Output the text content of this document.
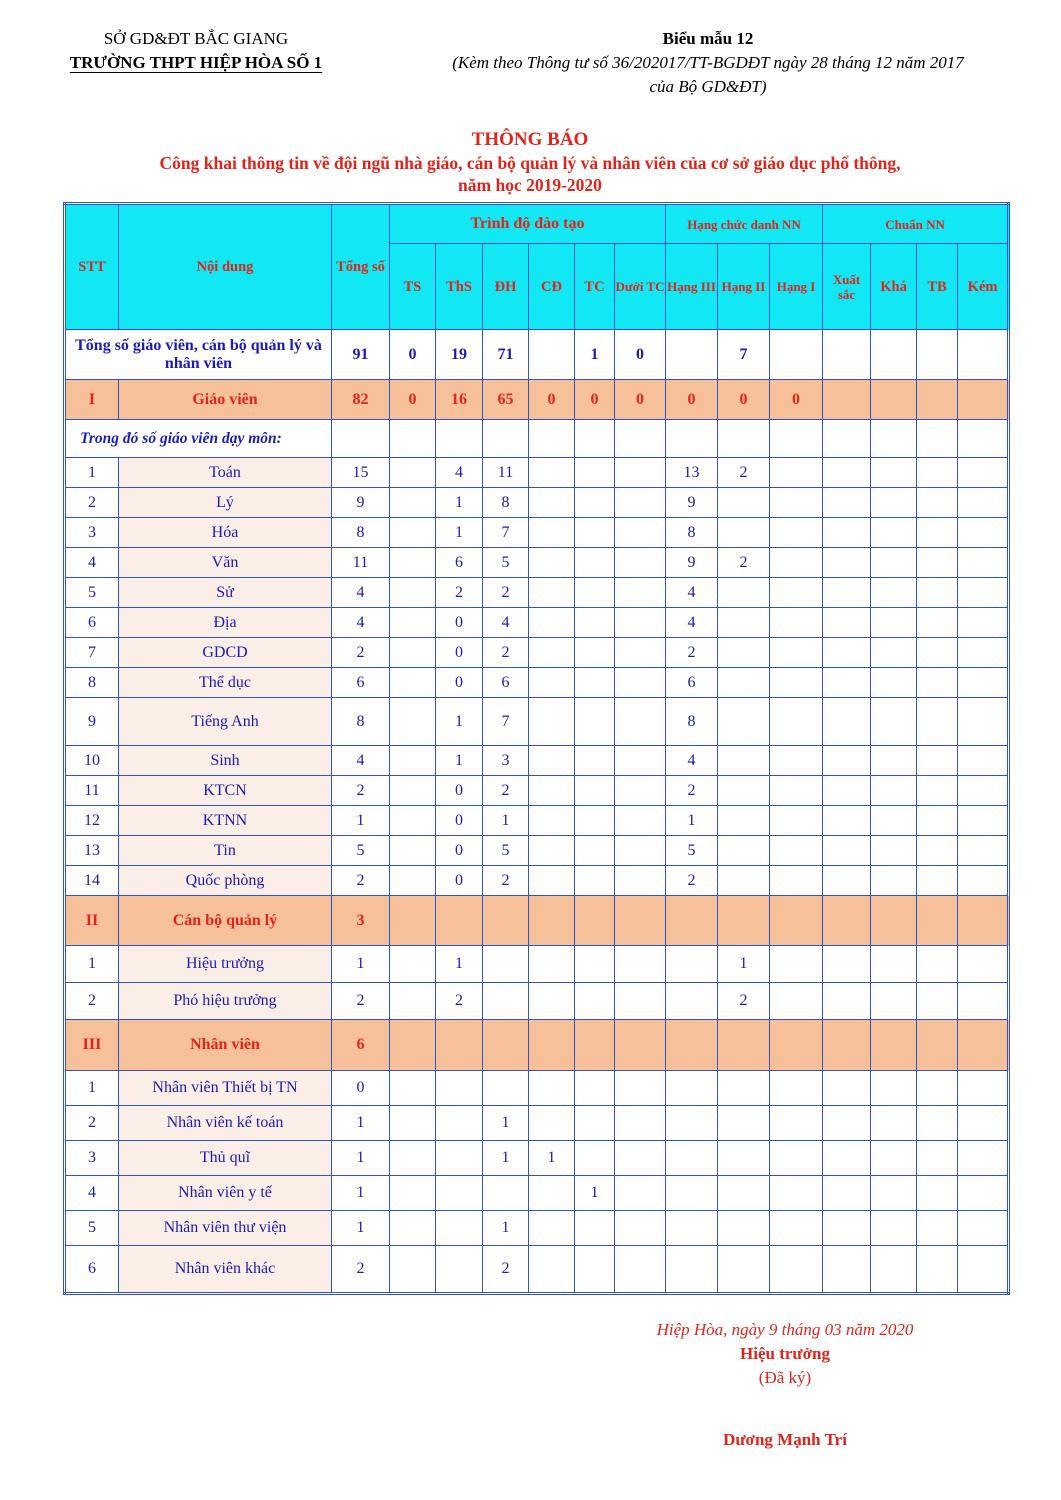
SỞ GD&ĐT BẮC GIANG
TRƯỜNG THPT HIỆP HÒA SỐ 1
Biểu mẫu 12
(Kèm theo Thông tư số 36/202017/TT-BGDĐT ngày 28 tháng 12 năm 2017
của Bộ GD&ĐT)
THÔNG BÁO
Công khai thông tin về đội ngũ nhà giáo, cán bộ quản lý và nhân viên của cơ sở giáo dục phổ thông,
năm học 2019-2020
STT	Nội dung	Tổng số	Trình độ đào tạo						Hạng chức danh NN			Chuẩn NN			
			TS	ThS	ĐH	CĐ	TC	Dưới TC	Hạng III	Hạng II	Hạng I	Xuất sắc	Khá	TB	Kém
Tổng số giáo viên, cán bộ quản lý và nhân viên		91	0	19	71		1	0		7					
I	Giáo viên	82	0	16	65	0	0	0	0	0	0				
Trong đó số giáo viên dạy môn:															
1	Toán	15		4	11				13	2					
2	Lý	9		1	8				9						
3	Hóa	8		1	7				8						
4	Văn	11		6	5				9	2					
5	Sử	4		2	2				4						
6	Địa	4		0	4				4						
7	GDCD	2		0	2				2						
8	Thể dục	6		0	6				6						
9	Tiếng Anh	8		1	7				8						
10	Sinh	4		1	3				4						
11	KTCN	2		0	2				2						
12	KTNN	1		0	1				1						
13	Tin	5		0	5				5						
14	Quốc phòng	2		0	2				2						
II	Cán bộ quản lý	3													
1	Hiệu trưởng	1		1						1					
2	Phó hiệu trưởng	2		2						2					
III	Nhân viên	6													
1	Nhân viên Thiết bị TN	0													
2	Nhân viên kế toán	1			1										
3	Thủ quĩ	1			1	1									
4	Nhân viên y tế	1					1								
5	Nhân viên thư viện	1			1										
6	Nhân viên khác	2			2										
Hiệp Hòa, ngày 9 tháng 03 năm 2020
Hiệu trưởng
(Đã ký)
Dương Mạnh Trí
